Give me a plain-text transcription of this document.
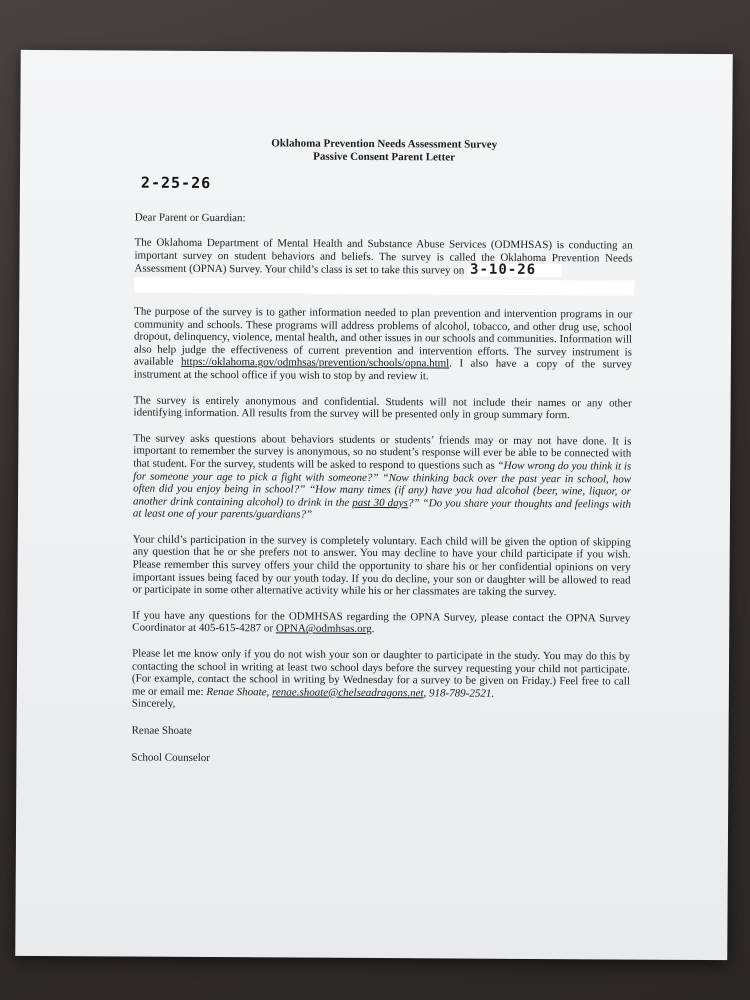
Oklahoma Prevention Needs Assessment Survey

Passive Consent Parent Letter

2-25-26

Dear Parent or Guardian:

The Oklahoma Department of Mental Health and Substance Abuse Services (ODMHSAS) is conducting an important survey on student behaviors and beliefs. The survey is called the Oklahoma Prevention Needs Assessment (OPNA) Survey. Your child’s class is set to take this survey on 3-10-26

The purpose of the survey is to gather information needed to plan prevention and intervention programs in our community and schools. These programs will address problems of alcohol, tobacco, and other drug use, school dropout, delinquency, violence, mental health, and other issues in our schools and communities. Information will also help judge the effectiveness of current prevention and intervention efforts. The survey instrument is available https://oklahoma.gov/odmhsas/prevention/schools/opna.html. I also have a copy of the survey instrument at the school office if you wish to stop by and review it.

The survey is entirely anonymous and confidential. Students will not include their names or any other identifying information. All results from the survey will be presented only in group summary form.

The survey asks questions about behaviors students or students’ friends may or may not have done. It is important to remember the survey is anonymous, so no student’s response will ever be able to be connected with that student. For the survey, students will be asked to respond to questions such as “How wrong do you think it is for someone your age to pick a fight with someone?” “Now thinking back over the past year in school, how often did you enjoy being in school?” “How many times (if any) have you had alcohol (beer, wine, liquor, or another drink containing alcohol) to drink in the past 30 days?” “Do you share your thoughts and feelings with at least one of your parents/guardians?”

Your child’s participation in the survey is completely voluntary. Each child will be given the option of skipping any question that he or she prefers not to answer. You may decline to have your child participate if you wish. Please remember this survey offers your child the opportunity to share his or her confidential opinions on very important issues being faced by our youth today. If you do decline, your son or daughter will be allowed to read or participate in some other alternative activity while his or her classmates are taking the survey.

If you have any questions for the ODMHSAS regarding the OPNA Survey, please contact the OPNA Survey Coordinator at 405-615-4287 or OPNA@odmhsas.org.

Please let me know only if you do not wish your son or daughter to participate in the study. You may do this by contacting the school in writing at least two school days before the survey requesting your child not participate. (For example, contact the school in writing by Wednesday for a survey to be given on Friday.) Feel free to call me or email me: Renae Shoate, renae.shoate@chelseadragons.net, 918-789-2521.

Sincerely,

Renae Shoate

School Counselor
